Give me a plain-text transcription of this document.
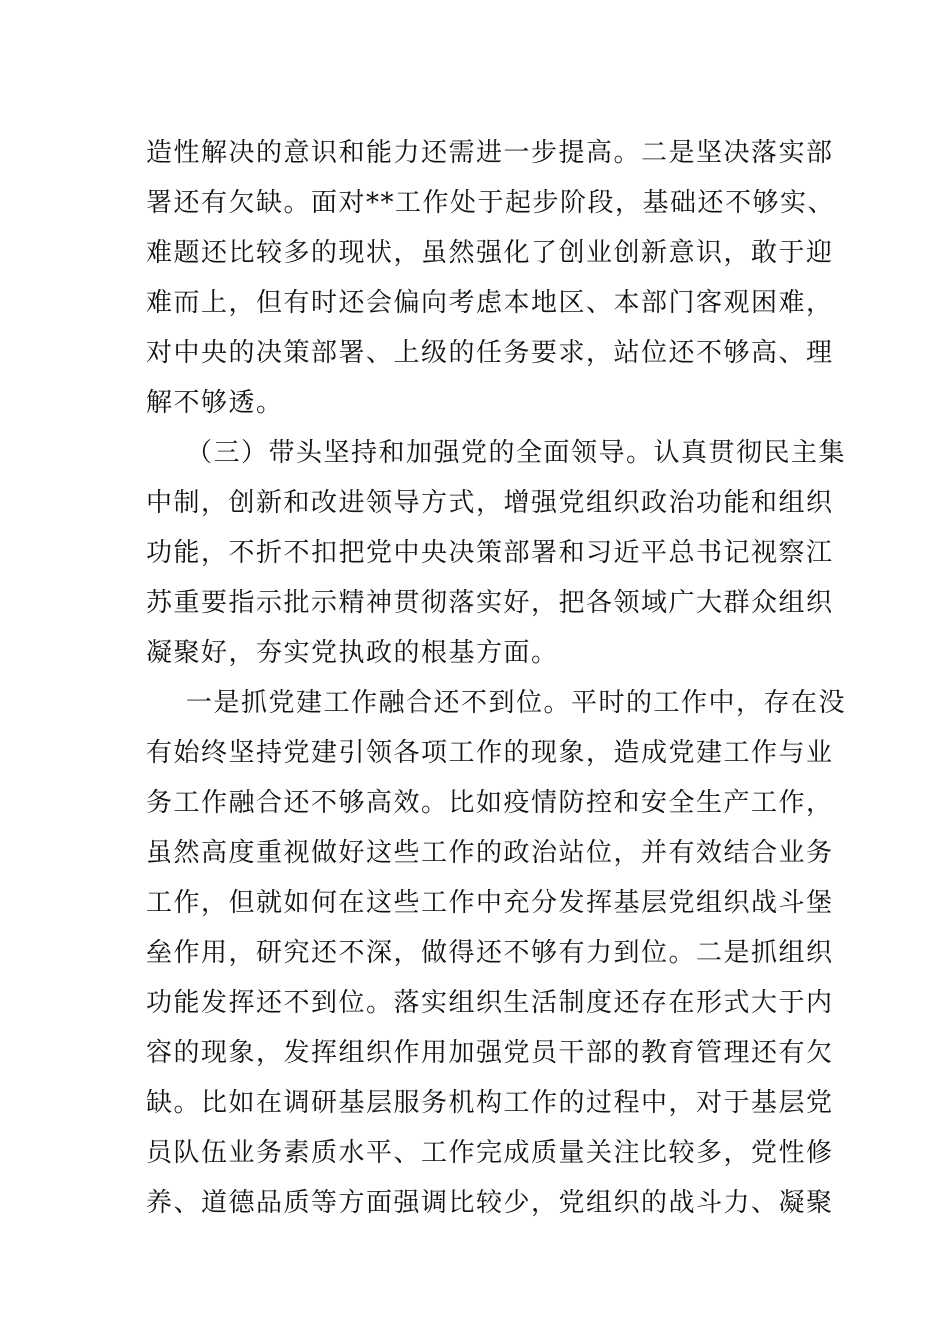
造性解决的意识和能力还需进一步提高。二是坚决落实部
署还有欠缺。面对**工作处于起步阶段，基础还不够实、
难题还比较多的现状，虽然强化了创业创新意识，敢于迎
难而上，但有时还会偏向考虑本地区、本部门客观困难，
对中央的决策部署、上级的任务要求，站位还不够高、理
解不够透。
（三）带头坚持和加强党的全面领导。认真贯彻民主集
中制，创新和改进领导方式，增强党组织政治功能和组织
功能，不折不扣把党中央决策部署和习近平总书记视察江
苏重要指示批示精神贯彻落实好，把各领域广大群众组织
凝聚好，夯实党执政的根基方面。
一是抓党建工作融合还不到位。平时的工作中，存在没
有始终坚持党建引领各项工作的现象，造成党建工作与业
务工作融合还不够高效。比如疫情防控和安全生产工作，
虽然高度重视做好这些工作的政治站位，并有效结合业务
工作，但就如何在这些工作中充分发挥基层党组织战斗堡
垒作用，研究还不深，做得还不够有力到位。二是抓组织
功能发挥还不到位。落实组织生活制度还存在形式大于内
容的现象，发挥组织作用加强党员干部的教育管理还有欠
缺。比如在调研基层服务机构工作的过程中，对于基层党
员队伍业务素质水平、工作完成质量关注比较多，党性修
养、道德品质等方面强调比较少，党组织的战斗力、凝聚
